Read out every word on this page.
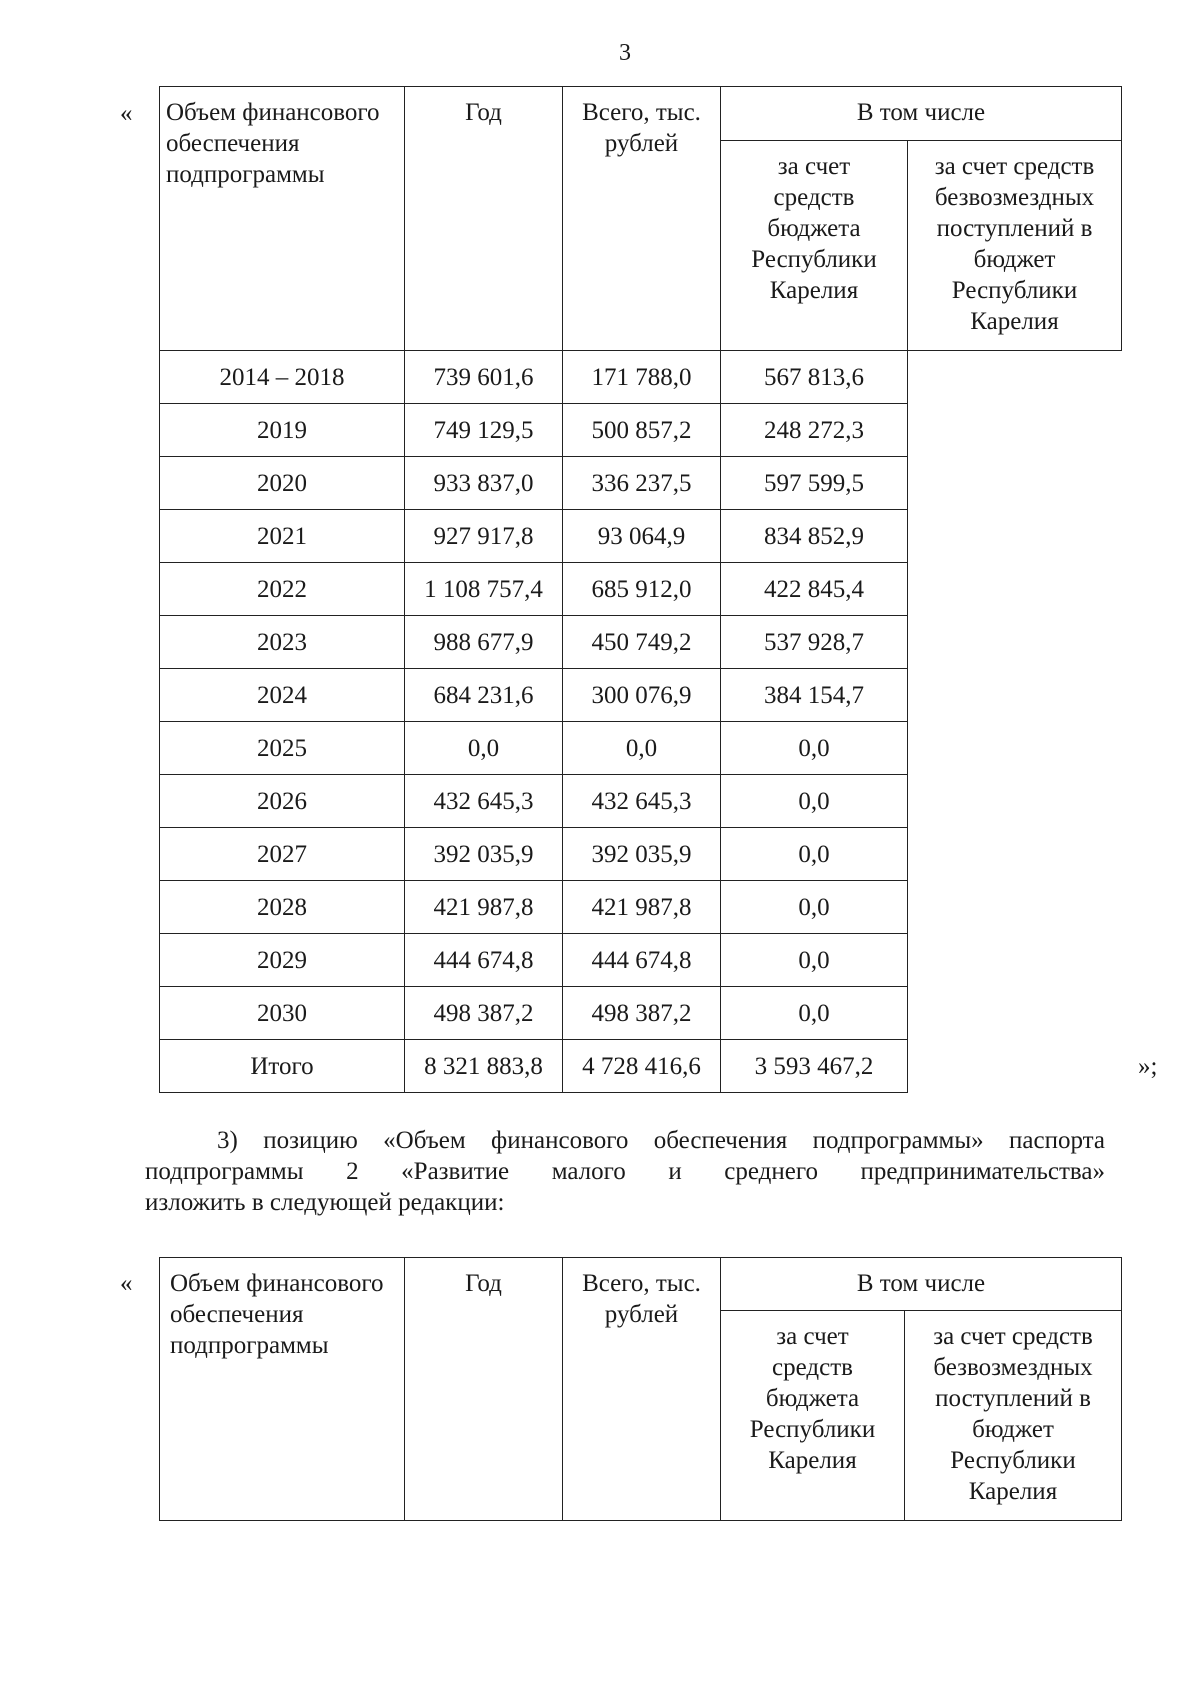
3
« Объем финансового обеспечения подпрограммы	Год	Всего, тыс. рублей	В том числе	
			за счет средств бюджета Республики Карелия	за счет средств безвозмездных поступлений в бюджет Республики Карелия
2014 – 2018	739 601,6	171 788,0	567 813,6	
2019	749 129,5	500 857,2	248 272,3	
2020	933 837,0	336 237,5	597 599,5	
2021	927 917,8	93 064,9	834 852,9	
2022	1 108 757,4	685 912,0	422 845,4	
2023	988 677,9	450 749,2	537 928,7	
2024	684 231,6	300 076,9	384 154,7	
2025	0,0	0,0	0,0	
2026	432 645,3	432 645,3	0,0	
2027	392 035,9	392 035,9	0,0	
2028	421 987,8	421 987,8	0,0	
2029	444 674,8	444 674,8	0,0	
2030	498 387,2	498 387,2	0,0	
Итого	8 321 883,8	4 728 416,6	3 593 467,2		»;
3) позицию «Объем финансового обеспечения подпрограммы» паспорта
подпрограммы 2 «Развитие малого и среднего предпринимательства»
изложить в следующей редакции:
« Объем финансового обеспечения подпрограммы	Год	Всего, тыс. рублей	В том числе	
			за счет средств бюджета Республики Карелия	за счет средств безвозмездных поступлений в бюджет Республики Карелия
